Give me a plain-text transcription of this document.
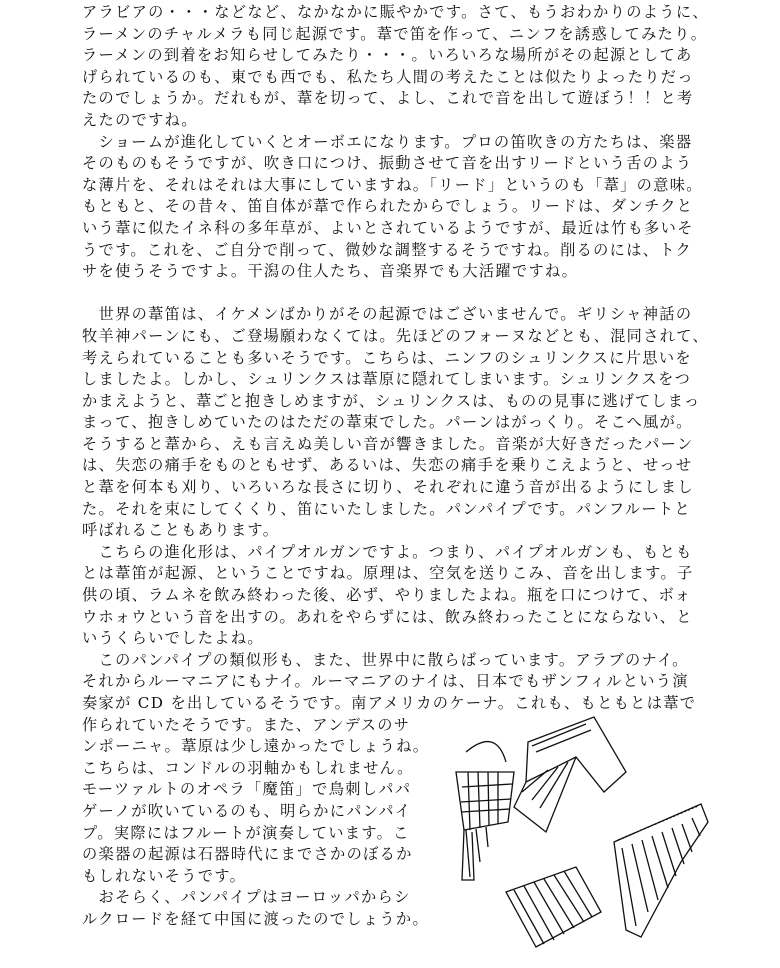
アラビアの・・・などなど、なかなかに賑やかです。さて、もうおわかりのように、
ラーメンのチャルメラも同じ起源です。葦で笛を作って、ニンフを誘惑してみたり。
ラーメンの到着をお知らせしてみたり・・・。いろいろな場所がその起源としてあ
げられているのも、東でも西でも、私たち人間の考えたことは似たりよったりだっ
たのでしょうか。だれもが、葦を切って、よし、これで音を出して遊ぼう！！と考
えたのですね。
　ショームが進化していくとオーボエになります。プロの笛吹きの方たちは、楽器
そのものもそうですが、吹き口につけ、振動させて音を出すリードという舌のよう
な薄片を、それはそれは大事にしていますね。「リード」というのも「葦」の意味。
もともと、その昔々、笛自体が葦で作られたからでしょう。リードは、ダンチクと
いう葦に似たイネ科の多年草が、よいとされているようですが、最近は竹も多いそ
うです。これを、ご自分で削って、微妙な調整するそうですね。削るのには、トク
サを使うそうですよ。干潟の住人たち、音楽界でも大活躍ですね。
　世界の葦笛は、イケメンばかりがその起源ではございませんで。ギリシャ神話の
牧羊神パーンにも、ご登場願わなくては。先ほどのフォーヌなどとも、混同されて、
考えられていることも多いそうです。こちらは、ニンフのシュリンクスに片思いを
しましたよ。しかし、シュリンクスは葦原に隠れてしまいます。シュリンクスをつ
かまえようと、葦ごと抱きしめますが、シュリンクスは、ものの見事に逃げてしまっ
まって、抱きしめていたのはただの葦束でした。パーンはがっくり。そこへ風が。
そうすると葦から、えも言えぬ美しい音が響きました。音楽が大好きだったパーン
は、失恋の痛手をものともせず、あるいは、失恋の痛手を乗りこえようと、せっせ
と葦を何本も刈り、いろいろな長さに切り、それぞれに違う音が出るようにしまし
た。それを束にしてくくり、笛にいたしました。パンパイプです。パンフルートと
呼ばれることもあります。
　こちらの進化形は、パイプオルガンですよ。つまり、パイプオルガンも、もとも
とは葦笛が起源、ということですね。原理は、空気を送りこみ、音を出します。子
供の頃、ラムネを飲み終わった後、必ず、やりましたよね。瓶を口につけて、ボォ
ウホォウという音を出すの。あれをやらずには、飲み終わったことにならない、と
いうくらいでしたよね。
　このパンパイプの類似形も、また、世界中に散らばっています。アラブのナイ。
それからルーマニアにもナイ。ルーマニアのナイは、日本でもザンフィルという演
奏家が CD を出しているそうです。南アメリカのケーナ。これも、もともとは葦で
作られていたそうです。また、アンデスのサ
ンポーニャ。葦原は少し遠かったでしょうね。
こちらは、コンドルの羽軸かもしれません。
モーツァルトのオペラ「魔笛」で鳥刺しパパ
ゲーノが吹いているのも、明らかにパンパイ
プ。実際にはフルートが演奏しています。こ
の楽器の起源は石器時代にまでさかのぼるか
もしれないそうです。
　おそらく、パンパイプはヨーロッパからシ
ルクロードを経て中国に渡ったのでしょうか。
